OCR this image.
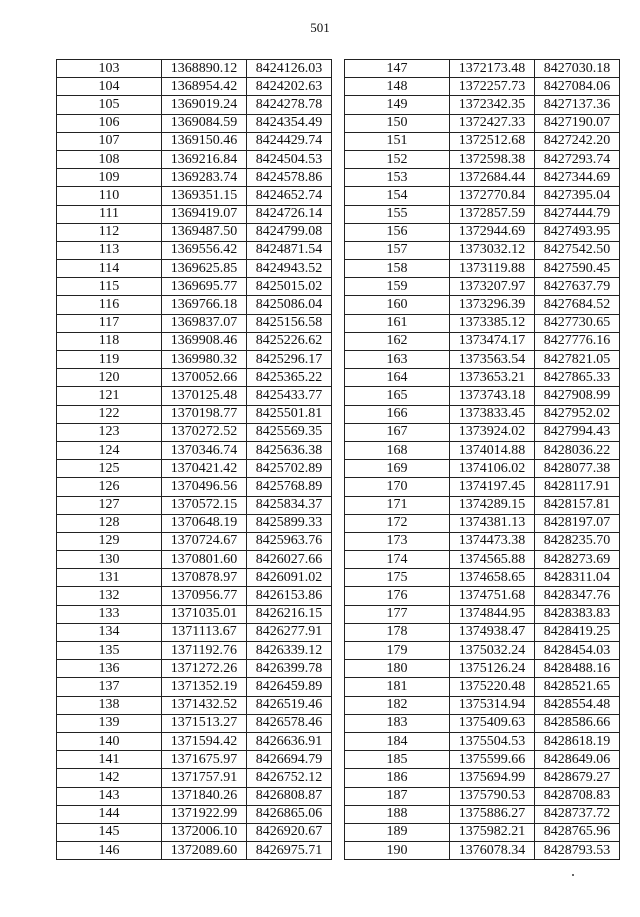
501
103	1368890.12	8424126.03
104	1368954.42	8424202.63
105	1369019.24	8424278.78
106	1369084.59	8424354.49
107	1369150.46	8424429.74
108	1369216.84	8424504.53
109	1369283.74	8424578.86
110	1369351.15	8424652.74
111	1369419.07	8424726.14
112	1369487.50	8424799.08
113	1369556.42	8424871.54
114	1369625.85	8424943.52
115	1369695.77	8425015.02
116	1369766.18	8425086.04
117	1369837.07	8425156.58
118	1369908.46	8425226.62
119	1369980.32	8425296.17
120	1370052.66	8425365.22
121	1370125.48	8425433.77
122	1370198.77	8425501.81
123	1370272.52	8425569.35
124	1370346.74	8425636.38
125	1370421.42	8425702.89
126	1370496.56	8425768.89
127	1370572.15	8425834.37
128	1370648.19	8425899.33
129	1370724.67	8425963.76
130	1370801.60	8426027.66
131	1370878.97	8426091.02
132	1370956.77	8426153.86
133	1371035.01	8426216.15
134	1371113.67	8426277.91
135	1371192.76	8426339.12
136	1371272.26	8426399.78
137	1371352.19	8426459.89
138	1371432.52	8426519.46
139	1371513.27	8426578.46
140	1371594.42	8426636.91
141	1371675.97	8426694.79
142	1371757.91	8426752.12
143	1371840.26	8426808.87
144	1371922.99	8426865.06
145	1372006.10	8426920.67
146	1372089.60	8426975.71
147	1372173.48	8427030.18
148	1372257.73	8427084.06
149	1372342.35	8427137.36
150	1372427.33	8427190.07
151	1372512.68	8427242.20
152	1372598.38	8427293.74
153	1372684.44	8427344.69
154	1372770.84	8427395.04
155	1372857.59	8427444.79
156	1372944.69	8427493.95
157	1373032.12	8427542.50
158	1373119.88	8427590.45
159	1373207.97	8427637.79
160	1373296.39	8427684.52
161	1373385.12	8427730.65
162	1373474.17	8427776.16
163	1373563.54	8427821.05
164	1373653.21	8427865.33
165	1373743.18	8427908.99
166	1373833.45	8427952.02
167	1373924.02	8427994.43
168	1374014.88	8428036.22
169	1374106.02	8428077.38
170	1374197.45	8428117.91
171	1374289.15	8428157.81
172	1374381.13	8428197.07
173	1374473.38	8428235.70
174	1374565.88	8428273.69
175	1374658.65	8428311.04
176	1374751.68	8428347.76
177	1374844.95	8428383.83
178	1374938.47	8428419.25
179	1375032.24	8428454.03
180	1375126.24	8428488.16
181	1375220.48	8428521.65
182	1375314.94	8428554.48
183	1375409.63	8428586.66
184	1375504.53	8428618.19
185	1375599.66	8428649.06
186	1375694.99	8428679.27
187	1375790.53	8428708.83
188	1375886.27	8428737.72
189	1375982.21	8428765.96
190	1376078.34	8428793.53
